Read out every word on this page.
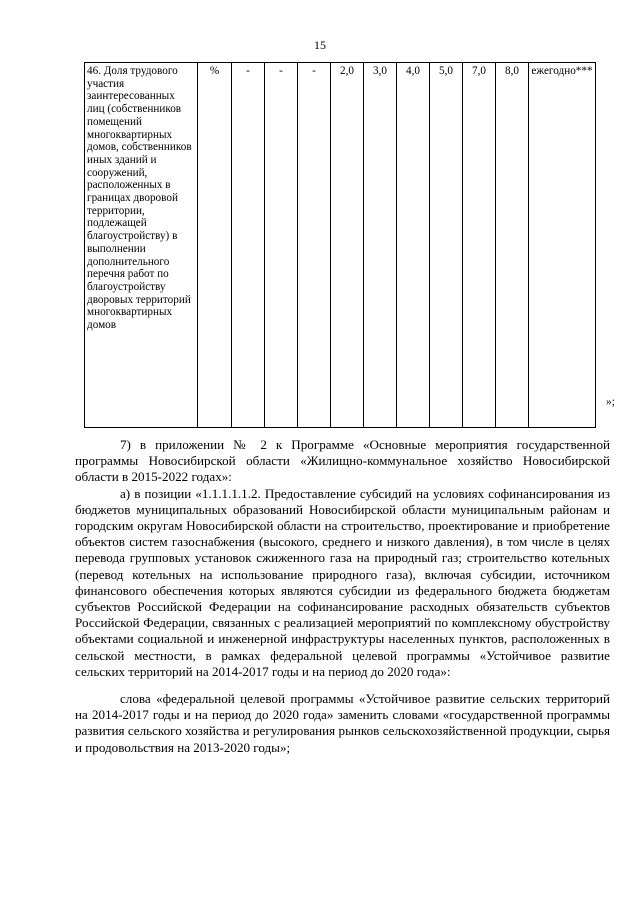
15
46. Доля трудового участия заинтересованных лиц (собственников помещений многоквартирных домов, собственников иных зданий и сооружений, расположенных в границах дворовой территории, подлежащей благоустройству) в выполнении дополнительного перечня работ по благоустройству дворовых территорий многоквартирных домов	%	-	-	-	2,0	3,0	4,0	5,0	7,0	8,0	ежегодно***
»;

7) в приложении № 2 к Программе «Основные мероприятия государственной программы Новосибирской области «Жилищно-коммунальное хозяйство Новосибирской области в 2015-2022 годах»:

а) в позиции «1.1.1.1.1.2. Предоставление субсидий на условиях софинансирования из бюджетов муниципальных образований Новосибирской области муниципальным районам и городским округам Новосибирской области на строительство, проектирование и приобретение объектов систем газоснабжения (высокого, среднего и низкого давления), в том числе в целях перевода групповых установок сжиженного газа на природный газ; строительство котельных (перевод котельных на использование природного газа), включая субсидии, источником финансового обеспечения которых являются субсидии из федерального бюджета бюджетам субъектов Российской Федерации на софинансирование расходных обязательств субъектов Российской Федерации, связанных с реализацией мероприятий по комплексному обустройству объектами социальной и инженерной инфраструктуры населенных пунктов, расположенных в сельской местности, в рамках федеральной целевой программы «Устойчивое развитие сельских территорий на 2014-2017 годы и на период до 2020 года»:

слова «федеральной целевой программы «Устойчивое развитие сельских территорий на 2014-2017 годы и на период до 2020 года» заменить словами «государственной программы развития сельского хозяйства и регулирования рынков сельскохозяйственной продукции, сырья и продовольствия на 2013-2020 годы»;
